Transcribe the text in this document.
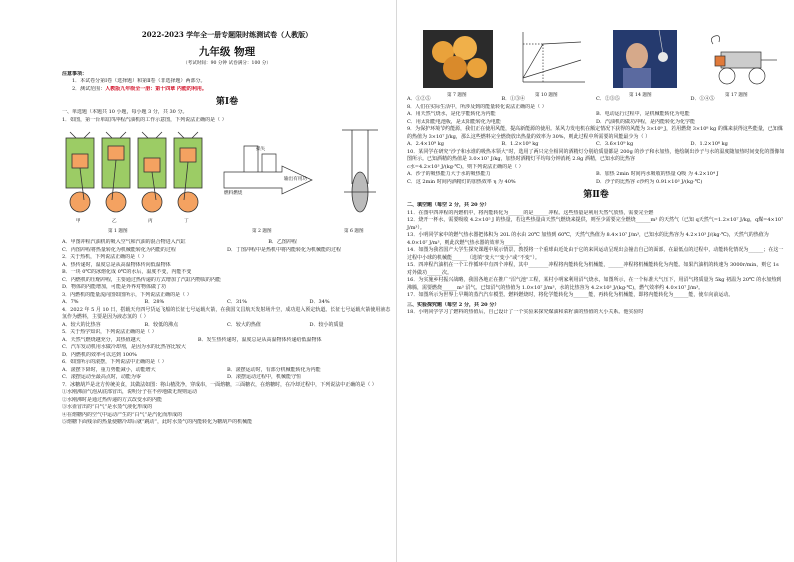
2022-2023 学年全一册专题限时练测试卷（人教版）
九年级 物理
（考试时间：90 分钟 试卷满分：100 分）
注意事项：
1．本试卷分第Ⅰ卷（选择题）和第Ⅱ卷（非选择题）两部分。
2．测试范围：人教版九年级全一册：第十四章 内能的利用。
第Ⅰ卷
一、单选题（本题共 10 小题，每小题 3 分，共 30 分。
1．如图，第一台单缸四冲程汽油机的工作示意图，下列说法正确的是（ ）
甲	乙	丙	丁
燃料燃烧
损失
输出有用功
第 1 题图	第 2 题图	第 6 题图
A．甲图冲程汽油机的吸入空气和汽油的混合物进入汽缸	B．乙图冲程
C．丙图冲程将热量转化为机械能转化为内能的过程	D．丁图冲程中是热机中将内能转化为机械能的过程
2．关于热机，下列说法正确的是（ ）
A．热传递时，温度总是从高温物体传向低温物体
B．一块 0℃的冰熔化成 0℃的水后，温度不变，内能不变
C．内燃机的压缩冲程，主要通过热传递的方式增加了汽缸内物质的内能
D．物体的内能增加，可能是外界对物体做了功
3．内燃机的能量流向图如图所示，下列说法正确的是（ ）
A．7%	B．28%	C．31%	D．34%
4．2022 年 5 月 10 日，搭载天舟四号货运飞船的长征七号运载火箭，在我国文昌航天发射场升空，成功进入预定轨道。长征七号运载火箭使用液态氢作为燃料，主要是因为液态氢的（ ）
A．较大的比热容	B．较低的沸点	C．较大的热值	D．较小的质量
5．关于热学知识，下列说法正确的是（ ）
A．天然气燃烧越充分，其热值越大	B．发生热传递时，温度总是从高温物体传递给低温物体
C．汽车发动机用水做冷却剂，是因为水的比热容比较大
D．内燃机的效率可以达到 100%
6．如图所示的滚摆，下列说法中正确的是（ ）
A．滚摆下降时，重力势能减小，动能增大	B．滚摆运动时，有部分机械能转化为内能
C．滚摆运动至最高点时，动能为零	D．滚摆运动过程中，机械能守恒
7．冰糖葫芦是北方传统美食，其做法如图：将山楂洗净，穿成串，一面熔糖，三面糖衣，在熔糖时，在冷却过程中，下列说法中正确的是（ ）
①水刚沸前气泡从底部冒出，说明分子在不停地做无规则运动
②水刚沸时是通过热传递的方式改变水的内能
③水壶冒出的“白气”是水蒸气液化形成的
④在熔糖内的空气中运动产生的“白气”是汽化而形成的
⑤熔糖下面残余的热量使糖冷却后就“跳动”，此时水蒸气的内能转化为糖葫芦的机械能
第 7 题图	第 10 题图	第 14 题图	第 17 题图
A．①②⑤	B．①③④	C．②③⑤	D．①④⑤
8．人们在实际生活中，所涉及到的能量转化说法正确的是（ ）
A．用天然气烧水，是化学能转化为内能	B．电动运行过程中，是机械能转化为电能
C．用太阳能电池板，是太阳能转化为电能	D．汽油机的做功冲程，是内能转化为化学能
9．为保护环境节约能源，我们正在使用风能，提高新能源的使用。某风力发电机在额定情况下获得的风能为 3×10⁹ J，若用燃烧 3×10⁸ kg 的煤来获得这些能量，已知煤的热值为 3×10⁷ J/kg，那么这些燃料完全燃烧放出热量的效率为 30%，则此过程中所需要的风能最少为（ ）
A．2.4×10⁹ kg	B．1.2×10⁹ kg	C．3.6×10⁹ kg	D．1.2×10⁸ kg
10．某同学在研究“沙子和水谁的吸热本领大”时，选用了两只完全相同的酒精灯分别给质量都是 200g 的沙子和水加热，他绘制出沙子与水的温度随加热时间变化的图像如图所示。已知酒精的热值是 3.0×10⁷ J/kg，加热时酒精灯平均每分钟消耗 2.8g 酒精，已知水的比热容
c水=4.2×10³ J/(kg·℃)，则下列说法正确的是（ ）
A．沙子的吸热能力大于水的吸热能力	B．加热 2min 时间内水吸收的热量 Q吸 为 4.2×10⁴ J
C．这 2min 时间内酒精灯的加热效率 η 为 40%	D．沙子的比热容 c沙约为 0.91×10³ J/(kg·℃)
第Ⅱ卷
二、填空题（每空 2 分，共 20 分）
11．在图中四冲程的内燃机中，将内能转化为______的是______冲程。这些热量是利用天然气放热，需要完全燃
12．烧开一杯水，需要吸收 4.2×10⁵ J 的热量，若这些热量由天然气燃烧来提供，则至少需要完全燃烧______m³ 的天然气（已知 q天然气=1.2×10⁷ J/kg，q煤=4×10⁷ J/m³）。
13．小明同学家中的燃气热水器把体积为 20L 的水由 20℃ 加热到 60℃，天然气热值为 8.4×10⁷ J/m³，已知水的比热容为 4.2×10³ J/(kg·℃)，天然气的热值为 4.0×10⁷ J/m³，则此次燃气热水器的效率为______。
14．如图为我省国产大学生探究课题中展示情景，教授将一个重球由近处由于它的来回运动呈现出会撞击自己的面部，在最低点的过程中，动能转化情况为______；在这一过程中小球的机械能______（选填“变大”“变小”或“不变”）。
15．四冲程汽油机在一个工作循环中有四个冲程，其中________冲程将内能转化为机械能，______冲程将机械能转化为内能。如果汽油机的转速为 3000r/min，则它 1s 对外做功______次。
16．为实施乡村振兴战略，我国各地正在推广“沼气池”工程，某村小明家利用沼气烧水，如图所示，在一个标准大气压下，用沼气将质量为 5kg 初温为 20℃ 的水加热到沸腾，需要燃烧______m³ 沼气。已知沼气的热值为 1.0×10⁷ J/m³，水的比热容为 4.2×10³ J/(kg·℃)，燃气效率约 4.0×10⁷ J/m³。
17．如图所示为世界上早期的蒸汽汽车模型。燃料燃烧时，将化学能转化为______能，再转化为机械能，即将内能转化为______能，使车向前运动。
三、实验探究题（每空 2 分，共 20 分）
18．小明同学学习了燃料的热值后，自己设计了一个实验来探究煤油和菜籽油的热值的大小关系。他实验时
